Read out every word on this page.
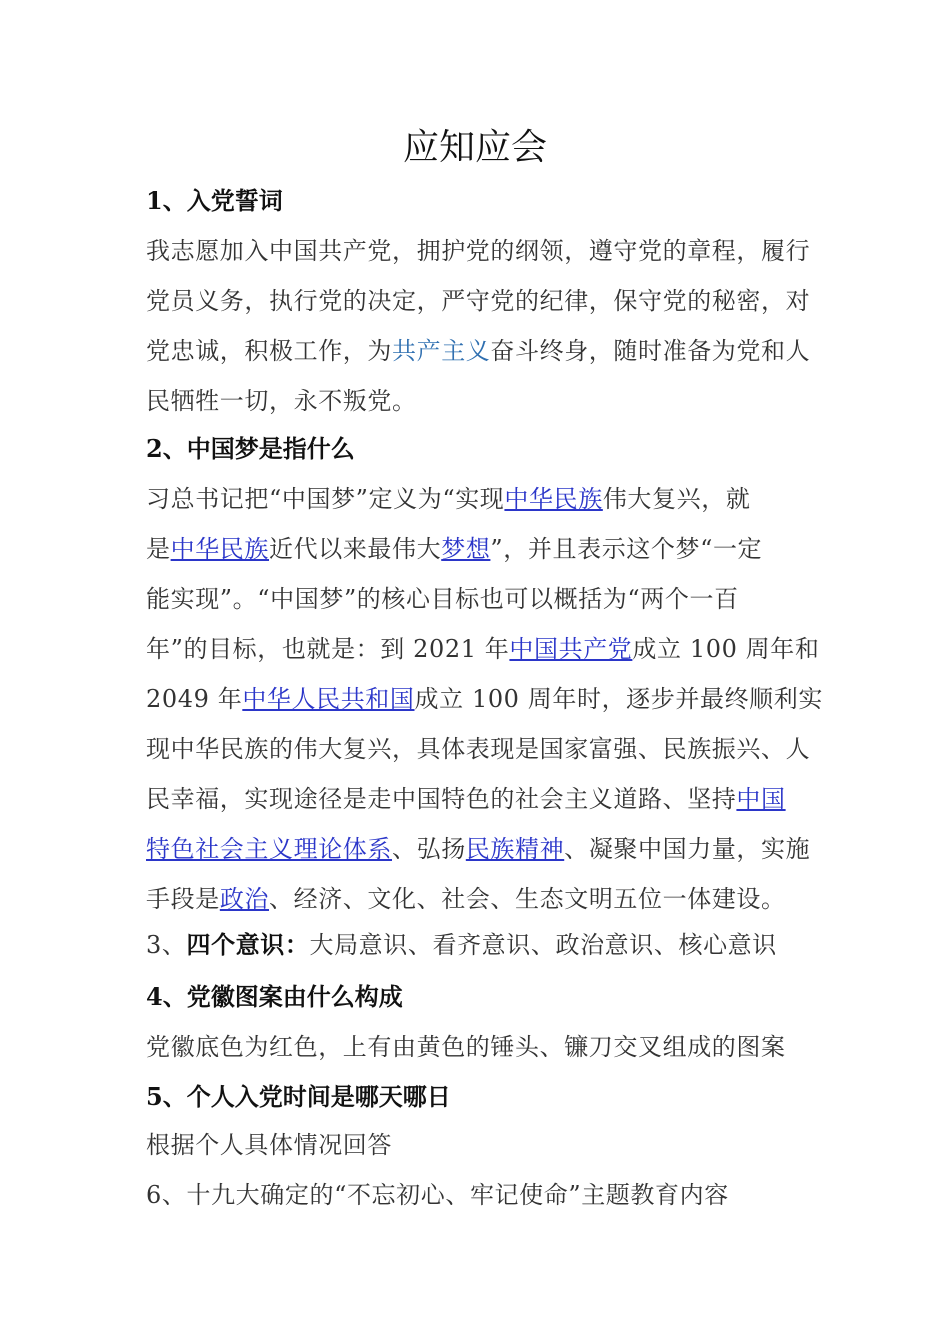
应知应会
1、入党誓词
我志愿加入中国共产党，拥护党的纲领，遵守党的章程，履行
党员义务，执行党的决定，严守党的纪律，保守党的秘密，对
党忠诚，积极工作，为共产主义奋斗终身，随时准备为党和人
民牺牲一切，永不叛党。
2、中国梦是指什么
习总书记把“中国梦”定义为“实现中华民族伟大复兴，就
是中华民族近代以来最伟大梦想”，并且表示这个梦“一定
能实现”。“中国梦”的核心目标也可以概括为“两个一百
年”的目标，也就是：到 2021 年中国共产党成立 100 周年和
2049 年中华人民共和国成立 100 周年时，逐步并最终顺利实
现中华民族的伟大复兴，具体表现是国家富强、民族振兴、人
民幸福，实现途径是走中国特色的社会主义道路、坚持中国
特色社会主义理论体系、弘扬民族精神、凝聚中国力量，实施
手段是政治、经济、文化、社会、生态文明五位一体建设。

3、四个意识：大局意识、看齐意识、政治意识、核心意识

4、党徽图案由什么构成

党徽底色为红色，上有由黄色的锤头、镰刀交叉组成的图案

5、个人入党时间是哪天哪日

根据个人具体情况回答

6、十九大确定的“不忘初心、牢记使命”主题教育内容
